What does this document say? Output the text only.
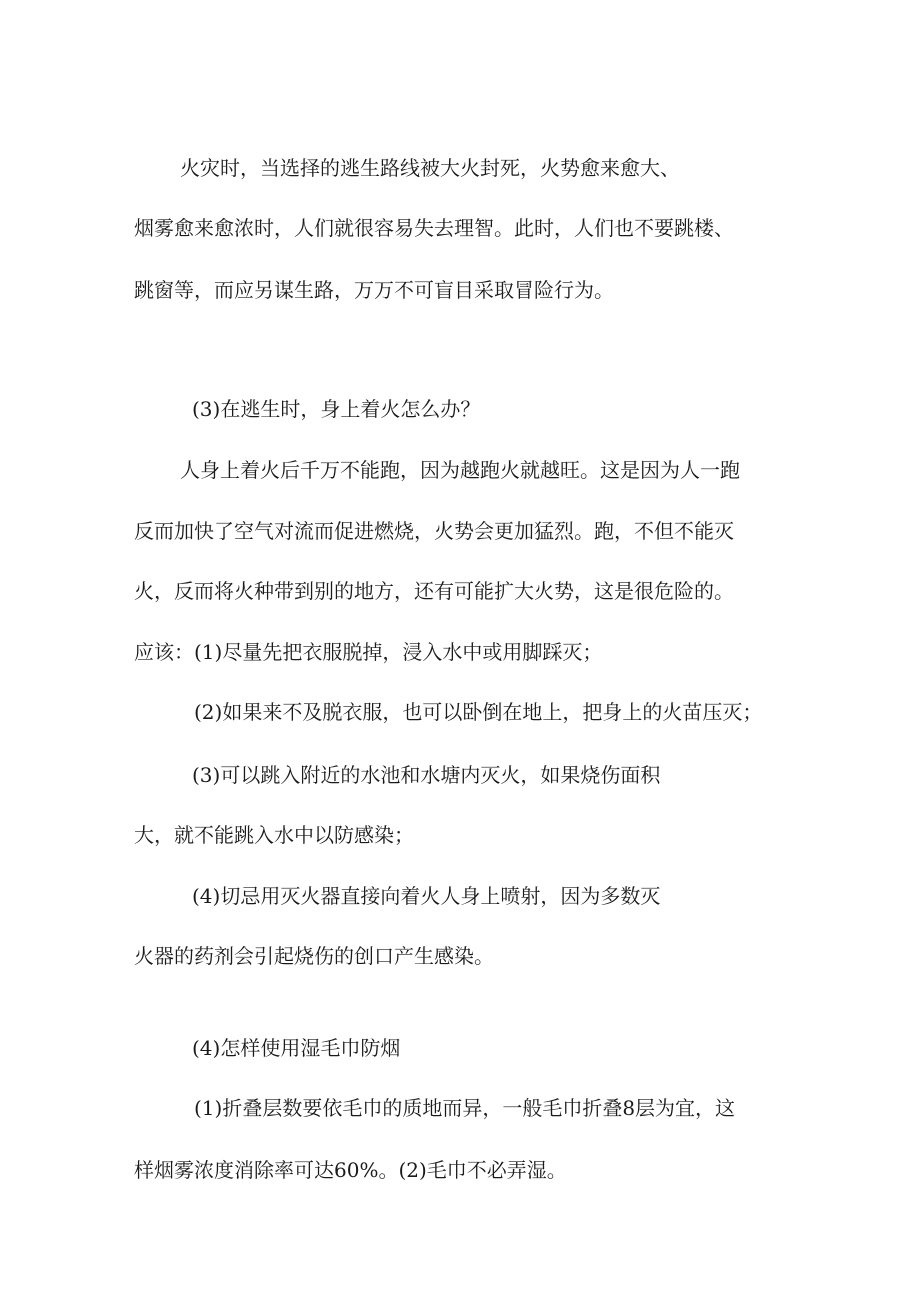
火灾时，当选择的逃生路线被大火封死，火势愈来愈大、

烟雾愈来愈浓时，人们就很容易失去理智。此时，人们也不要跳楼、

跳窗等，而应另谋生路，万万不可盲目采取冒险行为。

(3)在逃生时，身上着火怎么办？

人身上着火后千万不能跑，因为越跑火就越旺。这是因为人一跑

反而加快了空气对流而促进燃烧，火势会更加猛烈。跑，不但不能灭

火，反而将火种带到别的地方，还有可能扩大火势，这是很危险的。

应该：(1)尽量先把衣服脱掉，浸入水中或用脚踩灭；

(2)如果来不及脱衣服，也可以卧倒在地上，把身上的火苗压灭；

(3)可以跳入附近的水池和水塘内灭火，如果烧伤面积

大，就不能跳入水中以防感染；

(4)切忌用灭火器直接向着火人身上喷射，因为多数灭

火器的药剂会引起烧伤的创口产生感染。

(4)怎样使用湿毛巾防烟

(1)折叠层数要依毛巾的质地而异，一般毛巾折叠8层为宜，这

样烟雾浓度消除率可达60%。(2)毛巾不必弄湿。
